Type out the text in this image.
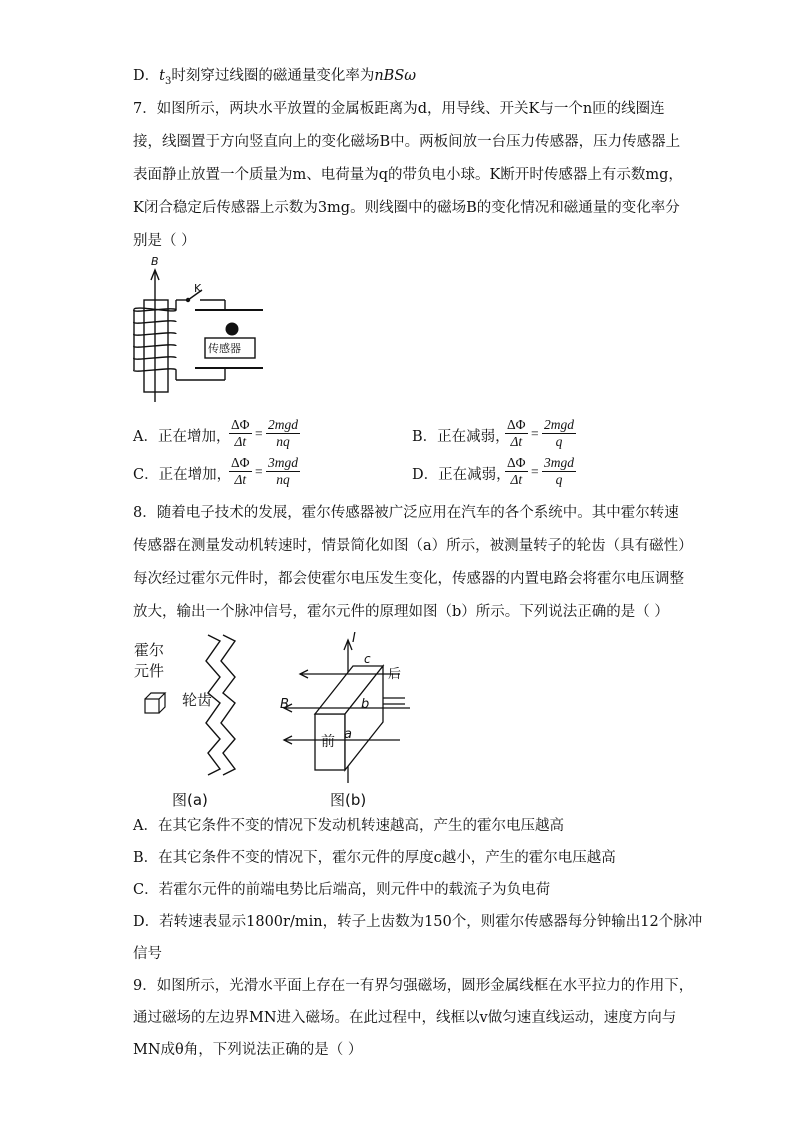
D．$t_3$时刻穿过线圈的磁通量变化率为nBSω
7．如图所示，两块水平放置的金属板距离为d，用导线、开关K与一个n匝的线圈连
接，线圈置于方向竖直向上的变化磁场B中。两板间放一台压力传感器，压力传感器上
表面静止放置一个质量为m、电荷量为q的带负电小球。K断开时传感器上有示数mg，
K闭合稳定后传感器上示数为3mg。则线圈中的磁场B的变化情况和磁通量的变化率分
别是（ ）
B
K
传感器
A．正在增加，
$\frac{\Delta\Phi}{\Delta t}$ =
2mgd
nq	B．正在减弱，
$\frac{\Delta\Phi}{\Delta t}$ =
2mgd
q
C．正在增加，
$\frac{\Delta\Phi}{\Delta t}$ =
3mgd
nq	D．正在减弱，
$\frac{\Delta\Phi}{\Delta t}$ =
3mgd
q
8．随着电子技术的发展，霍尔传感器被广泛应用在汽车的各个系统中。其中霍尔转速
传感器在测量发动机转速时，情景简化如图（a）所示，被测量转子的轮齿（具有磁性）
每次经过霍尔元件时，都会使霍尔电压发生变化，传感器的内置电路会将霍尔电压调整
放大，输出一个脉冲信号，霍尔元件的原理如图（b）所示。下列说法正确的是（ ）
霍尔
元件
轮齿
图(a)
I
c
后
B	b
a
前
图(b)
A．在其它条件不变的情况下发动机转速越高，产生的霍尔电压越高
B．在其它条件不变的情况下，霍尔元件的厚度c越小，产生的霍尔电压越高
C．若霍尔元件的前端电势比后端高，则元件中的载流子为负电荷
D．若转速表显示1800r/min，转子上齿数为150个，则霍尔传感器每分钟输出12个脉冲
信号
9．如图所示，光滑水平面上存在一有界匀强磁场，圆形金属线框在水平拉力的作用下，
通过磁场的左边界MN进入磁场。在此过程中，线框以v做匀速直线运动，速度方向与
MN成θ角，下列说法正确的是（ ）
